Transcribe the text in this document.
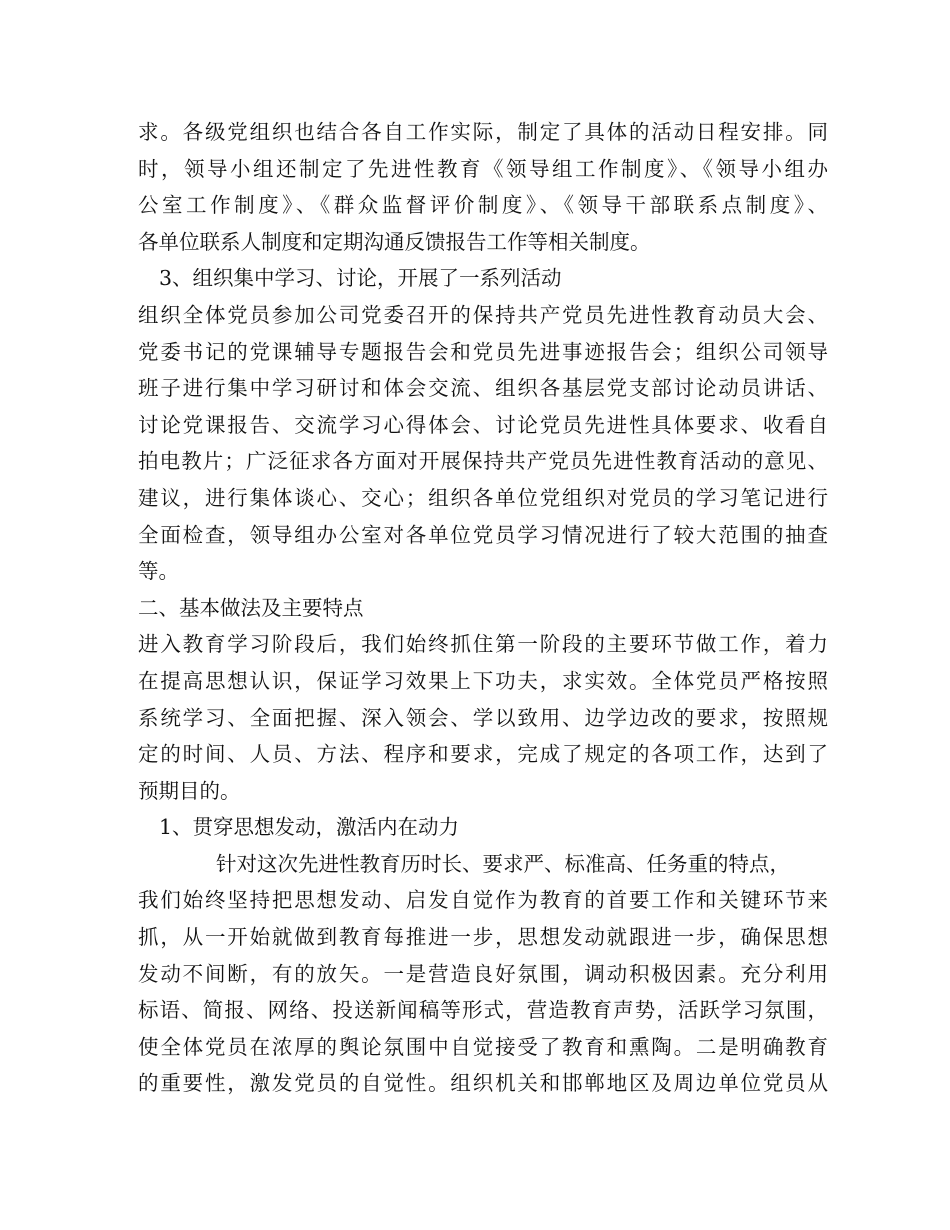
求。各级党组织也结合各自工作实际，制定了具体的活动日程安排。同
时，领导小组还制定了先进性教育《领导组工作制度》、《领导小组办
公室工作制度》、《群众监督评价制度》、《领导干部联系点制度》、
各单位联系人制度和定期沟通反馈报告工作等相关制度。
3、组织集中学习、讨论，开展了一系列活动
组织全体党员参加公司党委召开的保持共产党员先进性教育动员大会、
党委书记的党课辅导专题报告会和党员先进事迹报告会；组织公司领导
班子进行集中学习研讨和体会交流、组织各基层党支部讨论动员讲话、
讨论党课报告、交流学习心得体会、讨论党员先进性具体要求、收看自
拍电教片；广泛征求各方面对开展保持共产党员先进性教育活动的意见、
建议，进行集体谈心、交心；组织各单位党组织对党员的学习笔记进行
全面检查，领导组办公室对各单位党员学习情况进行了较大范围的抽查
等。
二、基本做法及主要特点
进入教育学习阶段后，我们始终抓住第一阶段的主要环节做工作，着力
在提高思想认识，保证学习效果上下功夫，求实效。全体党员严格按照
系统学习、全面把握、深入领会、学以致用、边学边改的要求，按照规
定的时间、人员、方法、程序和要求，完成了规定的各项工作，达到了
预期目的。
1、贯穿思想发动，激活内在动力
针对这次先进性教育历时长、要求严、标准高、任务重的特点，
我们始终坚持把思想发动、启发自觉作为教育的首要工作和关键环节来
抓，从一开始就做到教育每推进一步，思想发动就跟进一步，确保思想
发动不间断，有的放矢。一是营造良好氛围，调动积极因素。充分利用
标语、简报、网络、投送新闻稿等形式，营造教育声势，活跃学习氛围，
使全体党员在浓厚的舆论氛围中自觉接受了教育和熏陶。二是明确教育
的重要性，激发党员的自觉性。组织机关和邯郸地区及周边单位党员从
